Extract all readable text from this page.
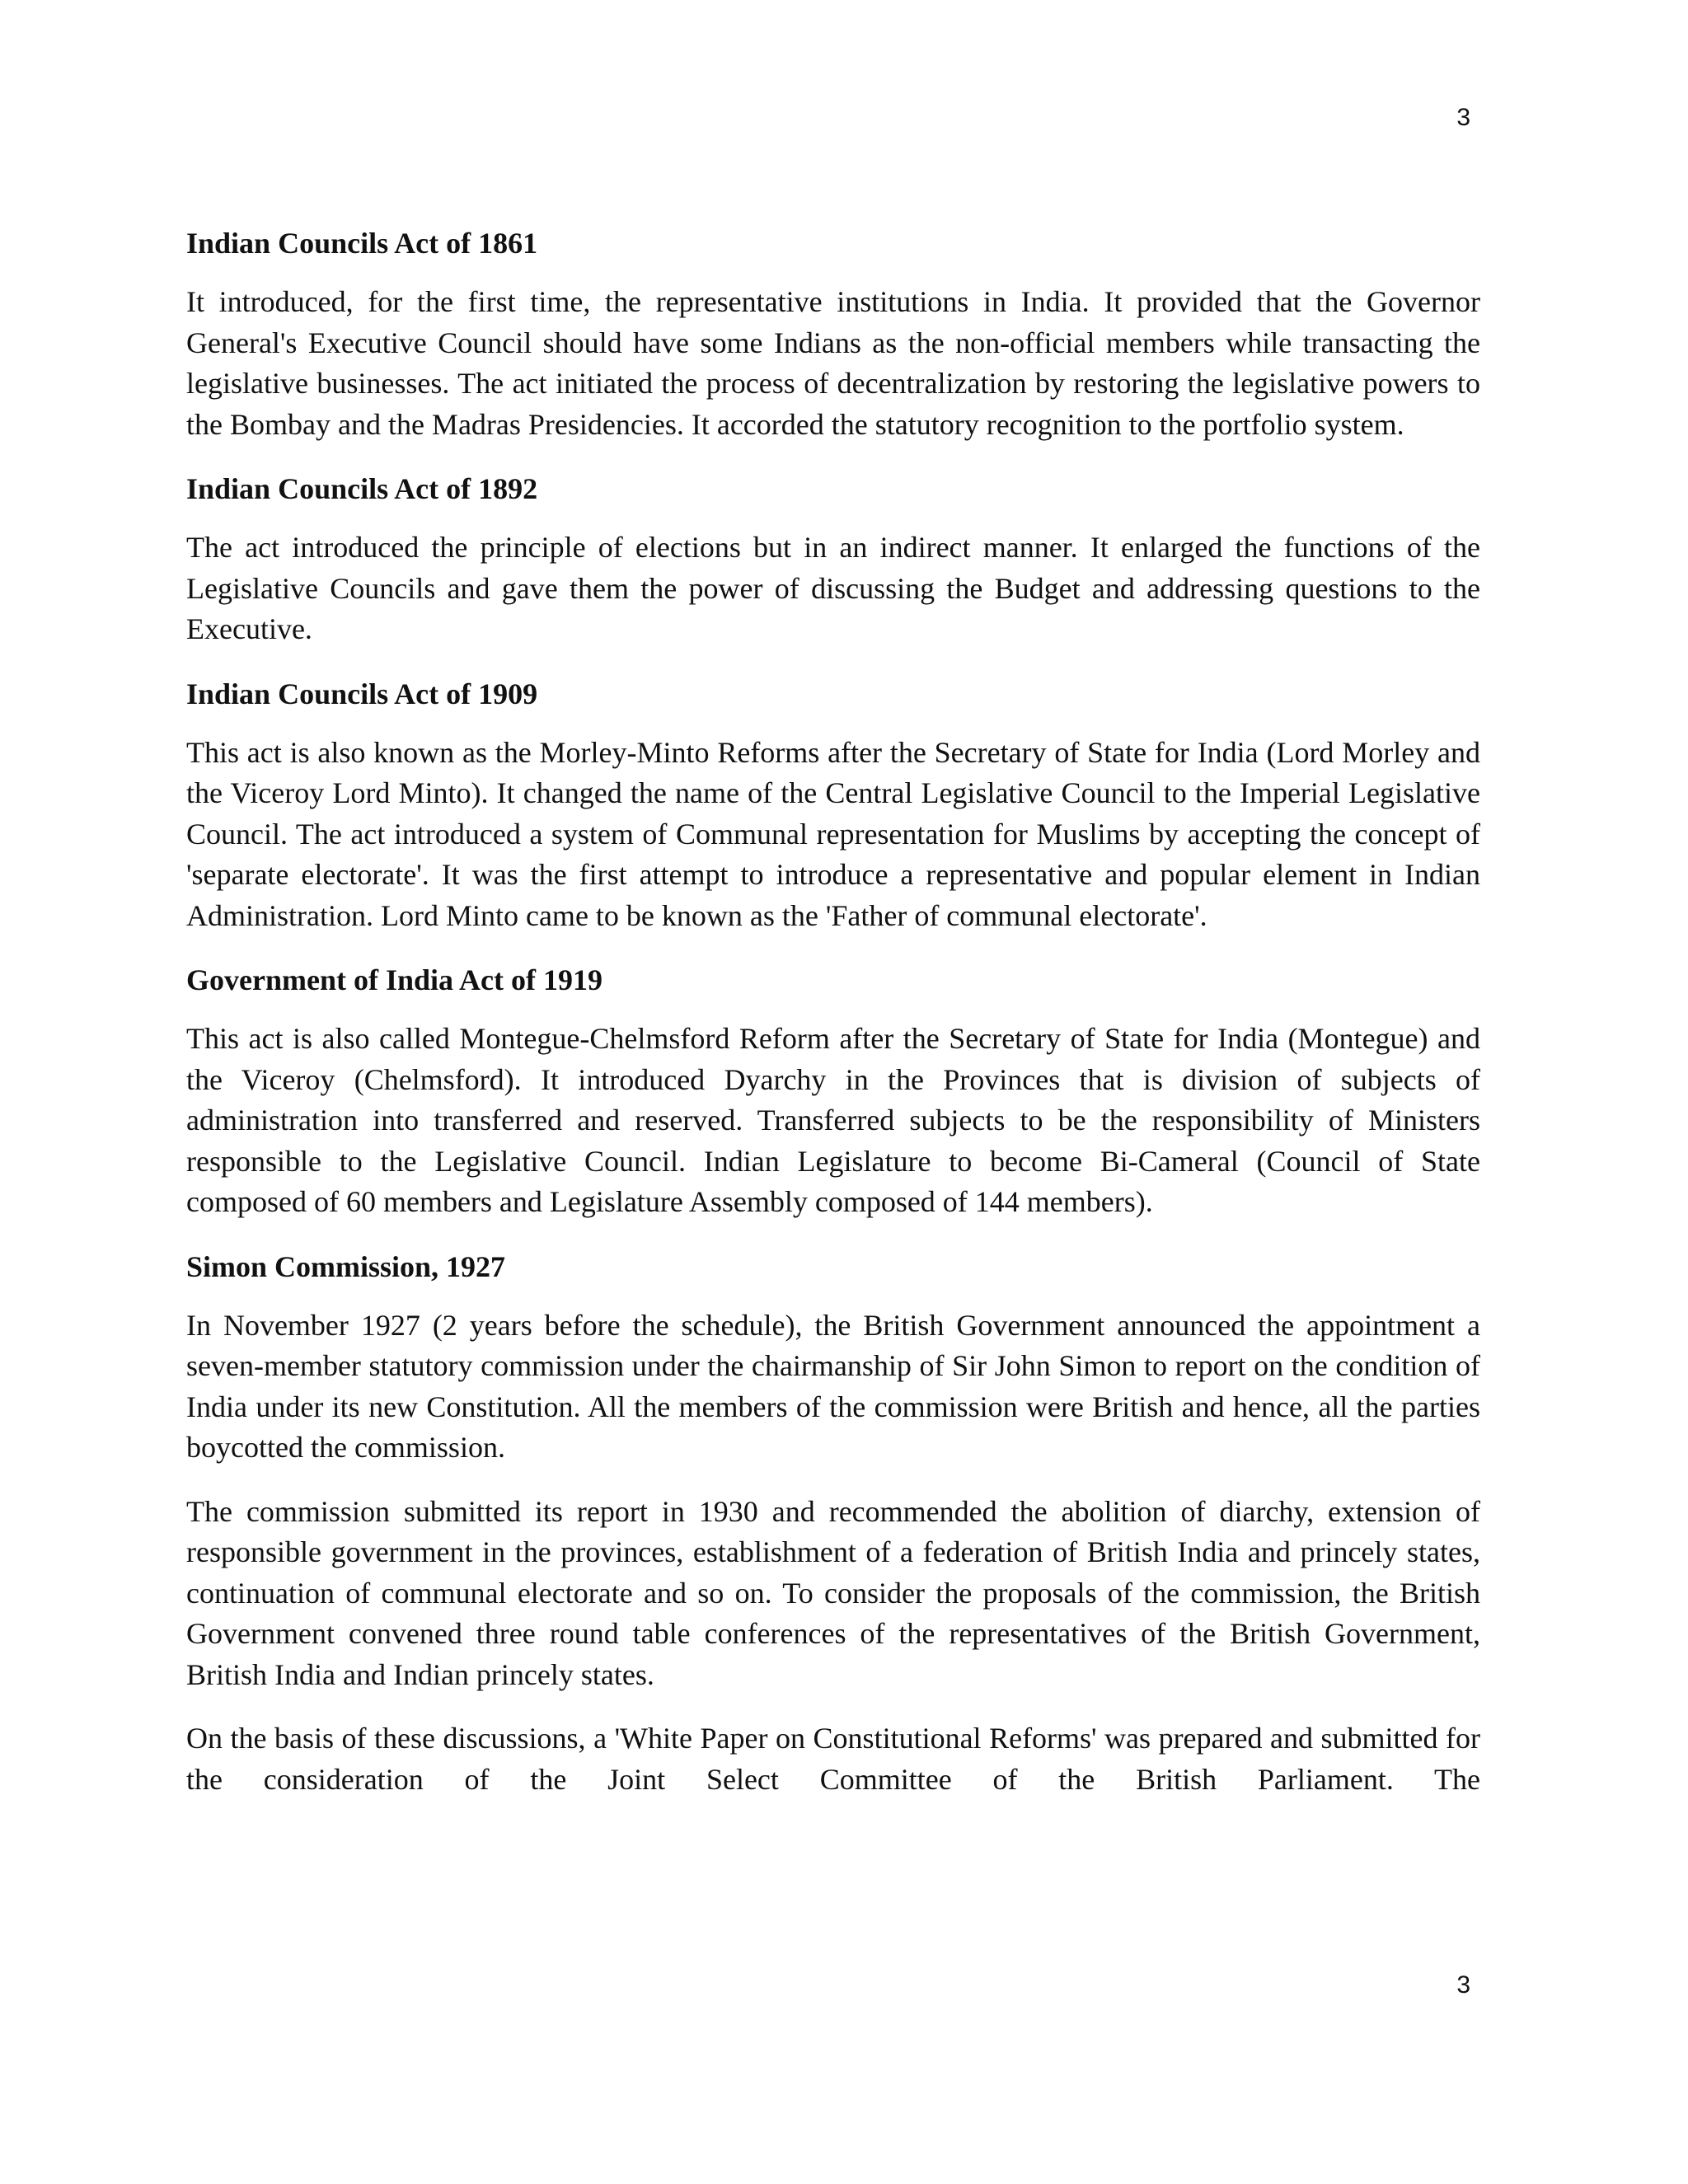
3
Indian Councils Act of 1861

It introduced, for the first time, the representative institutions in India. It provided that the Governor General's Executive Council should have some Indians as the non-official members while transacting the legislative businesses. The act initiated the process of decentralization by restoring the legislative powers to the Bombay and the Madras Presidencies. It accorded the statutory recognition to the portfolio system.

Indian Councils Act of 1892

The act introduced the principle of elections but in an indirect manner. It enlarged the functions of the Legislative Councils and gave them the power of discussing the Budget and addressing questions to the Executive.

Indian Councils Act of 1909

This act is also known as the Morley-Minto Reforms after the Secretary of State for India (Lord Morley and the Viceroy Lord Minto). It changed the name of the Central Legislative Council to the Imperial Legislative Council. The act introduced a system of Communal representation for Muslims by accepting the concept of 'separate electorate'. It was the first attempt to introduce a representative and popular element in Indian Administration. Lord Minto came to be known as the 'Father of communal electorate'.

Government of India Act of 1919

This act is also called Montegue-Chelmsford Reform after the Secretary of State for India (Montegue) and the Viceroy (Chelmsford). It introduced Dyarchy in the Provinces that is division of subjects of administration into transferred and reserved. Transferred subjects to be the responsibility of Ministers responsible to the Legislative Council. Indian Legislature to become Bi-Cameral (Council of State composed of 60 members and Legislature Assembly composed of 144 members).

Simon Commission, 1927

In November 1927 (2 years before the schedule), the British Government announced the appointment a seven-member statutory commission under the chairmanship of Sir John Simon to report on the condition of India under its new Constitution. All the members of the commission were British and hence, all the parties boycotted the commission.

The commission submitted its report in 1930 and recommended the abolition of diarchy, extension of responsible government in the provinces, establishment of a federation of British India and princely states, continuation of communal electorate and so on. To consider the proposals of the commission, the British Government convened three round table conferences of the representatives of the British Government, British India and Indian princely states.

On the basis of these discussions, a 'White Paper on Constitutional Reforms' was prepared and submitted for the consideration of the Joint Select Committee of the British Parliament. The

3
